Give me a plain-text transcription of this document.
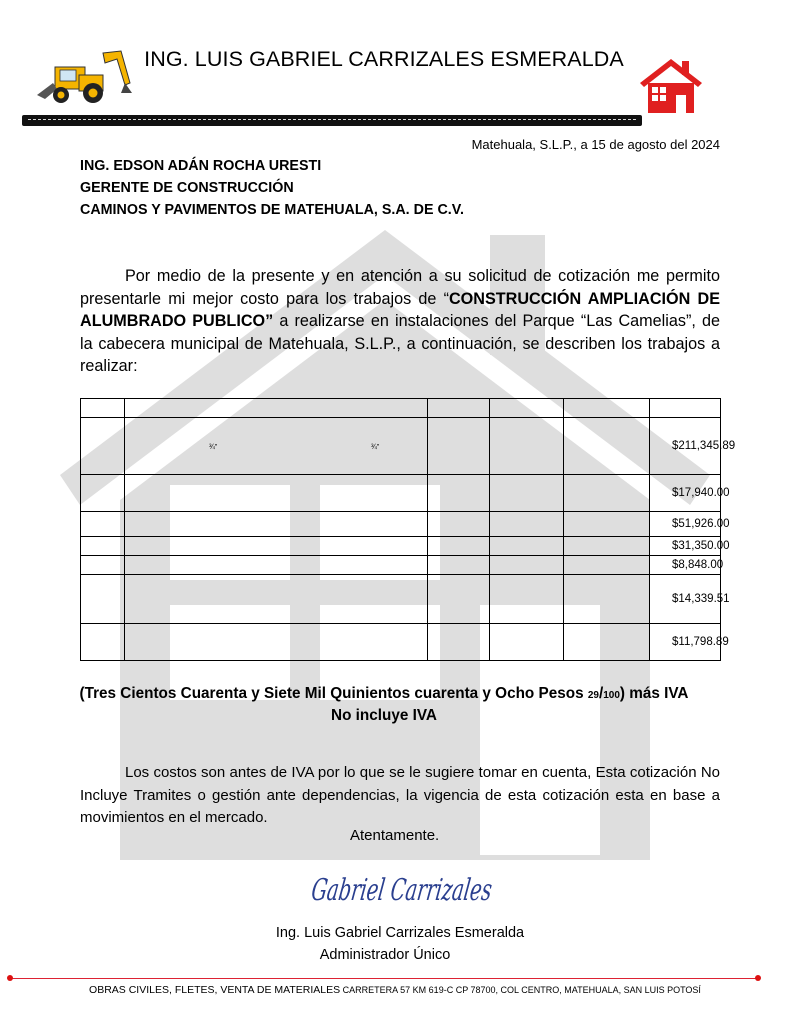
ING. LUIS GABRIEL CARRIZALES ESMERALDA
Matehuala, S.L.P., a 15 de agosto del 2024
ING. EDSON ADÁN ROCHA URESTI
GERENTE DE CONSTRUCCIÓN
CAMINOS Y PAVIMENTOS DE MATEHUALA, S.A. DE C.V.
Por medio de la presente y en atención a su solicitud de cotización me permito presentarle mi mejor costo para los trabajos de “CONSTRUCCIÓN AMPLIACIÓN DE ALUMBRADO PUBLICO” a realizarse en instalaciones del Parque “Las Camelias”, de la cabecera municipal de Matehuala, S.L.P., a continuación, se describen los trabajos a realizar:

	¾” ¾”				$ 211,345.89

					$ 17,940.00

					$ 51,926.00

					$ 31,350.00

					$ 8,848.00

					$ 14,339.51

					$ 11,798.89
(Tres Cientos Cuarenta y Siete Mil Quinientos cuarenta y Ocho Pesos 29/100) más IVA
No incluye IVA
Los costos son antes de IVA por lo que se le sugiere tomar en cuenta, Esta cotización No Incluye Tramites o gestión ante dependencias, la vigencia de esta cotización esta en base a movimientos en el mercado.
Atentamente.
Gabriel Carrizales
Ing. Luis Gabriel Carrizales Esmeralda
Administrador Único
OBRAS CIVILES, FLETES, VENTA DE MATERIALES CARRETERA 57 KM 619-C CP 78700, COL CENTRO, MATEHUALA, SAN LUIS POTOSÍ
